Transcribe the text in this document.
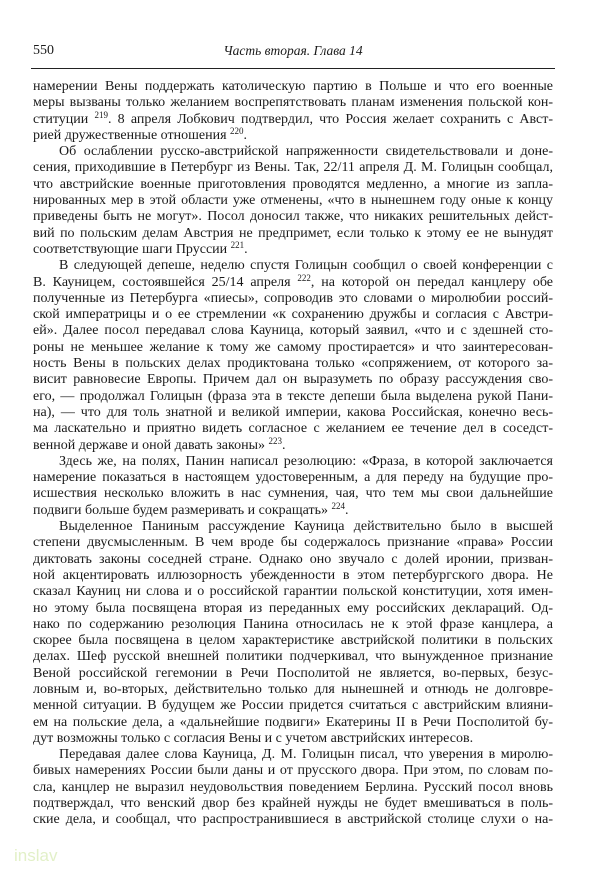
550	Часть вторая. Глава 14
намерении Вены поддержать католическую партию в Польше и что его военные
меры вызваны только желанием воспрепятствовать планам изменения польской кон-
ституции $^{219}$. 8 апреля Лобкович подтвердил, что Россия желает сохранить с Авст-
рией дружественные отношения $^{220}$.
Об ослаблении русско-австрийской напряженности свидетельствовали и доне-
сения, приходившие в Петербург из Вены. Так, 22/11 апреля Д. М. Голицын сообщал,
что австрийские военные приготовления проводятся медленно, а многие из запла-
нированных мер в этой области уже отменены, «что в нынешнем году оные к концу
приведены быть не могут». Посол доносил также, что никаких решительных дейст-
вий по польским делам Австрия не предпримет, если только к этому ее не вынудят
соответствующие шаги Пруссии $^{221}$.
В следующей депеше, неделю спустя Голицын сообщил о своей конференции с
В. Кауницем, состоявшейся 25/14 апреля $^{222}$, на которой он передал канцлеру обе
полученные из Петербурга «пиесы», сопроводив это словами о миролюбии россий-
ской императрицы и о ее стремлении «к сохранению дружбы и согласия с Австри-
ей». Далее посол передавал слова Кауница, который заявил, «что и с здешней сто-
роны не меньшее желание к тому же самому простирается» и что заинтересован-
ность Вены в польских делах продиктована только «сопряжением, от которого за-
висит равновесие Европы. Причем дал он выразуметь по образу рассуждения сво-
его, — продолжал Голицын (фраза эта в тексте депеши была выделена рукой Пани-
на), — что для толь знатной и великой империи, какова Российская, конечно весь-
ма ласкательно и приятно видеть согласное с желанием ее течение дел в соседст-
венной державе и оной давать законы» $^{223}$.
Здесь же, на полях, Панин написал резолюцию: «Фраза, в которой заключается
намерение показаться в настоящем удостоверенным, а для переду на будущие про-
исшествия несколько вложить в нас сумнения, чая, что тем мы свои дальнейшие
подвиги больше будем размеривать и сокращать» $^{224}$.
Выделенное Паниным рассуждение Кауница действительно было в высшей
степени двусмысленным. В чем вроде бы содержалось признание «права» России
диктовать законы соседней стране. Однако оно звучало с долей иронии, призван-
ной акцентировать иллюзорность убежденности в этом петербургского двора. Не
сказал Кауниц ни слова и о российской гарантии польской конституции, хотя имен-
но этому была посвящена вторая из переданных ему российских деклараций. Од-
нако по содержанию резолюция Панина относилась не к этой фразе канцлера, а
скорее была посвящена в целом характеристике австрийской политики в польских
делах. Шеф русской внешней политики подчеркивал, что вынужденное признание
Веной российской гегемонии в Речи Посполитой не является, во-первых, безус-
ловным и, во-вторых, действительно только для нынешней и отнюдь не долговре-
менной ситуации. В будущем же России придется считаться с австрийским влияни-
ем на польские дела, а «дальнейшие подвиги» Екатерины II в Речи Посполитой бу-
дут возможны только с согласия Вены и с учетом австрийских интересов.
Передавая далее слова Кауница, Д. М. Голицын писал, что уверения в миролю-
бивых намерениях России были даны и от прусского двора. При этом, по словам по-
сла, канцлер не выразил неудовольствия поведением Берлина. Русский посол вновь
подтверждал, что венский двор без крайней нужды не будет вмешиваться в поль-
ские дела, и сообщал, что распространившиеся в австрийской столице слухи о на-
inslav
